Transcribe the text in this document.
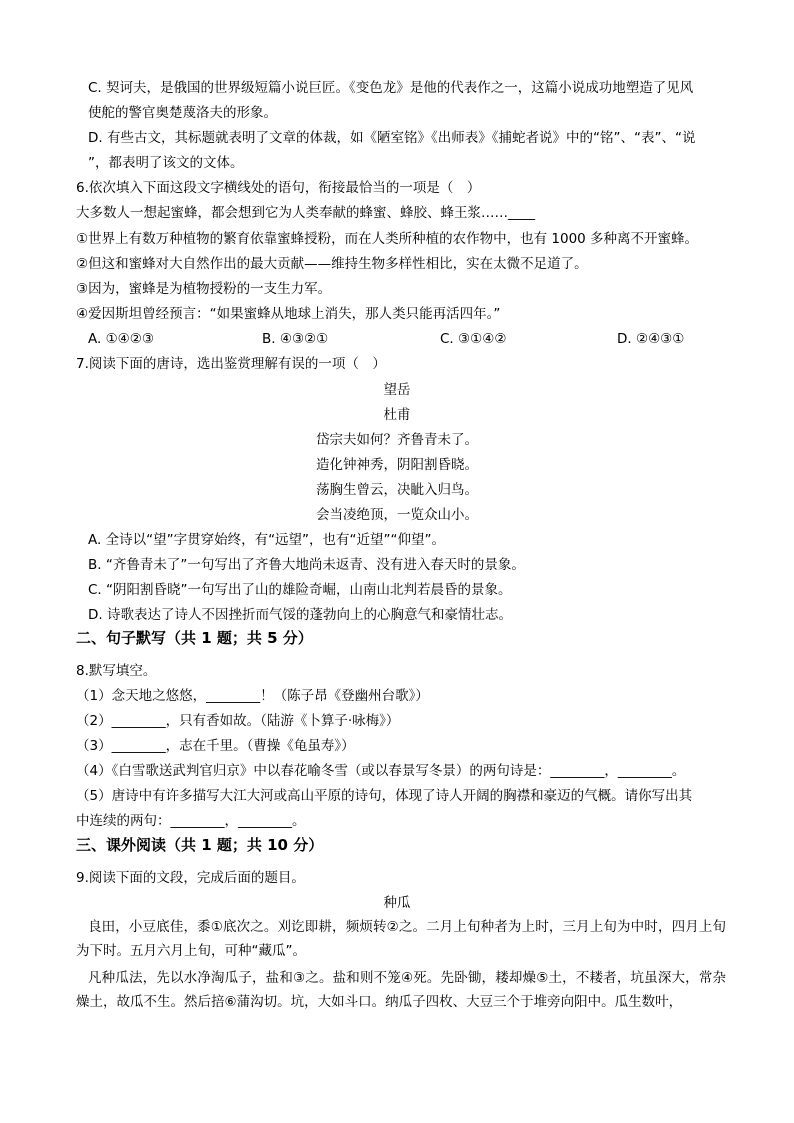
C. 契诃夫，是俄国的世界级短篇小说巨匠。《变色龙》是他的代表作之一，这篇小说成功地塑造了见风
使舵的警官奥楚蔑洛夫的形象。
D. 有些古文，其标题就表明了文章的体裁，如《陋室铭》《出师表》《捕蛇者说》中的“铭”、“表”、“说
”，都表明了该文的文体。
6.依次填入下面这段文字横线处的语句，衔接最恰当的一项是（　）
大多数人一想起蜜蜂，都会想到它为人类奉献的蜂蜜、蜂胶、蜂王浆……____
①世界上有数万种植物的繁育依靠蜜蜂授粉，而在人类所种植的农作物中，也有 1000 多种离不开蜜蜂。
②但这和蜜蜂对大自然作出的最大贡献——维持生物多样性相比，实在太微不足道了。
③因为，蜜蜂是为植物授粉的一支生力军。
④爱因斯坦曾经预言：“如果蜜蜂从地球上消失，那人类只能再活四年。”
A. ①④②③	B. ④③②①	C. ③①④②	D. ②④③①
7.阅读下面的唐诗，选出鉴赏理解有误的一项（　）
望岳
杜甫
岱宗夫如何？齐鲁青未了。
造化钟神秀，阴阳割昏晓。
荡胸生曾云，决眦入归鸟。
会当凌绝顶，一览众山小。
A. 全诗以“望”字贯穿始终，有“远望”，也有“近望”“仰望”。
B. “齐鲁青未了”一句写出了齐鲁大地尚未返青、没有进入春天时的景象。
C. “阴阳割昏晓”一句写出了山的雄险奇崛，山南山北判若晨昏的景象。
D. 诗歌表达了诗人不因挫折而气馁的蓬勃向上的心胸意气和豪情壮志。
二、句子默写（共 1 题；共 5 分）
8.默写填空。
（1）念天地之悠悠，________！（陈子昂《登幽州台歌》）
（2）________，只有香如故。（陆游《卜算子·咏梅》）
（3）________，志在千里。（曹操《龟虽寿》）
（4）《白雪歌送武判官归京》中以春花喻冬雪（或以春景写冬景）的两句诗是：________，________。
（5）唐诗中有许多描写大江大河或高山平原的诗句，体现了诗人开阔的胸襟和豪迈的气概。请你写出其
中连续的两句：________，________。
三、课外阅读（共 1 题；共 10 分）
9.阅读下面的文段，完成后面的题目。
种瓜
良田，小豆底佳，黍①底次之。刈讫即耕，频烦转②之。二月上旬种者为上时，三月上旬为中时，四月上旬为下时。五月六月上旬，可种“藏瓜”。
凡种瓜法，先以水净淘瓜子，盐和③之。盐和则不笼④死。先卧锄，耧却燥⑤土，不耧者，坑虽深大，常杂燥土，故瓜不生。然后掊⑥蒲沟切。坑，大如斗口。纳瓜子四枚、大豆三个于堆旁向阳中。瓜生数叶，
